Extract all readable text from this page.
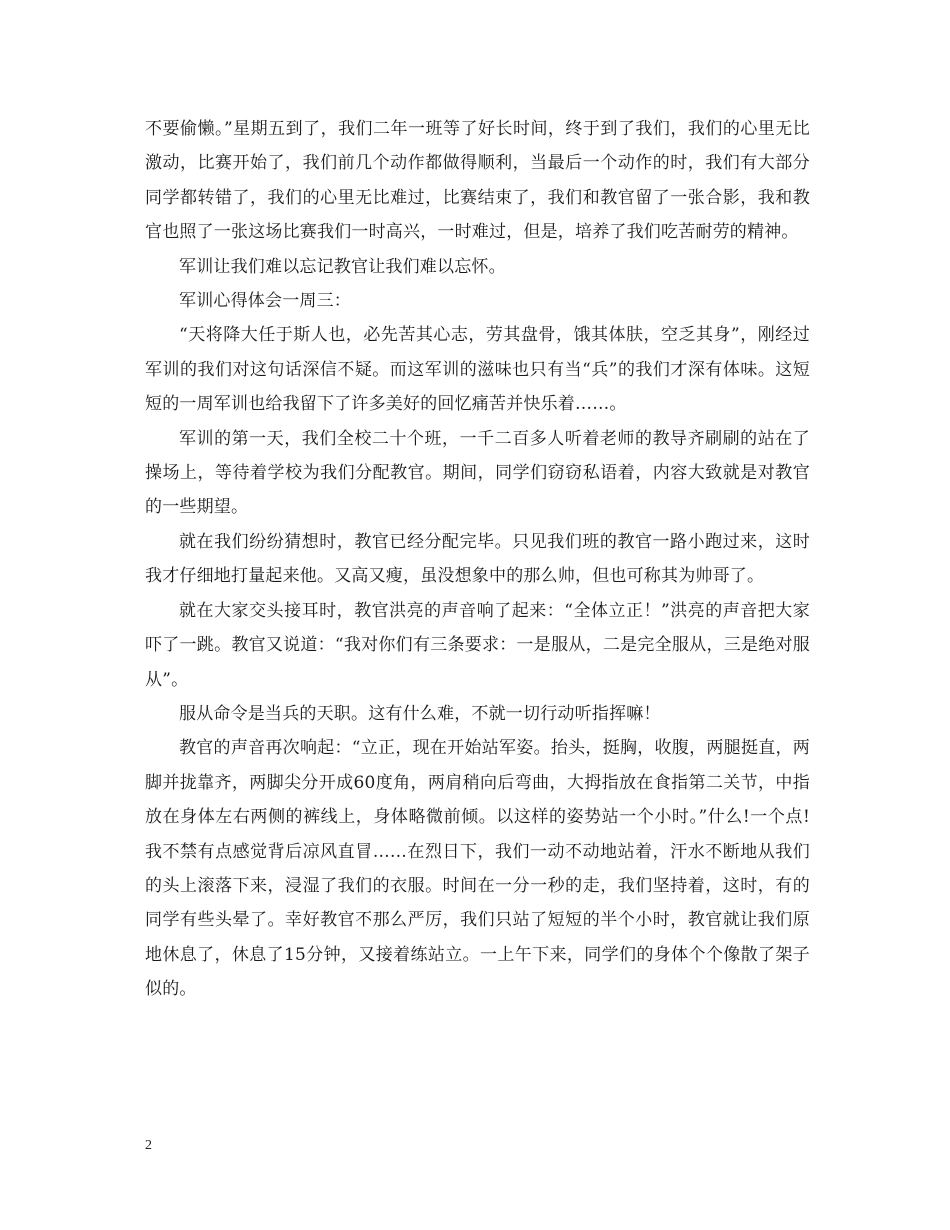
不要偷懒。”星期五到了，我们二年一班等了好长时间，终于到了我们，我们的心里无比激动，比赛开始了，我们前几个动作都做得顺利，当最后一个动作的时，我们有大部分同学都转错了，我们的心里无比难过，比赛结束了，我们和教官留了一张合影，我和教官也照了一张这场比赛我们一时高兴，一时难过，但是，培养了我们吃苦耐劳的精神。

军训让我们难以忘记教官让我们难以忘怀。

军训心得体会一周三：

“天将降大任于斯人也，必先苦其心志，劳其盘骨，饿其体肤，空乏其身”，刚经过军训的我们对这句话深信不疑。而这军训的滋味也只有当“兵”的我们才深有体味。这短短的一周军训也给我留下了许多美好的回忆痛苦并快乐着……。

军训的第一天，我们全校二十个班，一千二百多人听着老师的教导齐刷刷的站在了操场上，等待着学校为我们分配教官。期间，同学们窃窃私语着，内容大致就是对教官的一些期望。

就在我们纷纷猜想时，教官已经分配完毕。只见我们班的教官一路小跑过来，这时我才仔细地打量起来他。又高又瘦，虽没想象中的那么帅，但也可称其为帅哥了。

就在大家交头接耳时，教官洪亮的声音响了起来：“全体立正！”洪亮的声音把大家吓了一跳。教官又说道：“我对你们有三条要求：一是服从，二是完全服从，三是绝对服从”。

服从命令是当兵的天职。这有什么难，不就一切行动听指挥嘛！

教官的声音再次响起：“立正，现在开始站军姿。抬头，挺胸，收腹，两腿挺直，两脚并拢靠齐，两脚尖分开成60度角，两肩稍向后弯曲，大拇指放在食指第二关节，中指放在身体左右两侧的裤线上，身体略微前倾。以这样的姿势站一个小时。”什么!一个点!我不禁有点感觉背后凉风直冒……在烈日下，我们一动不动地站着，汗水不断地从我们的头上滚落下来，浸湿了我们的衣服。时间在一分一秒的走，我们坚持着，这时，有的同学有些头晕了。幸好教官不那么严厉，我们只站了短短的半个小时，教官就让我们原地休息了，休息了15分钟，又接着练站立。一上午下来，同学们的身体个个像散了架子似的。

2
